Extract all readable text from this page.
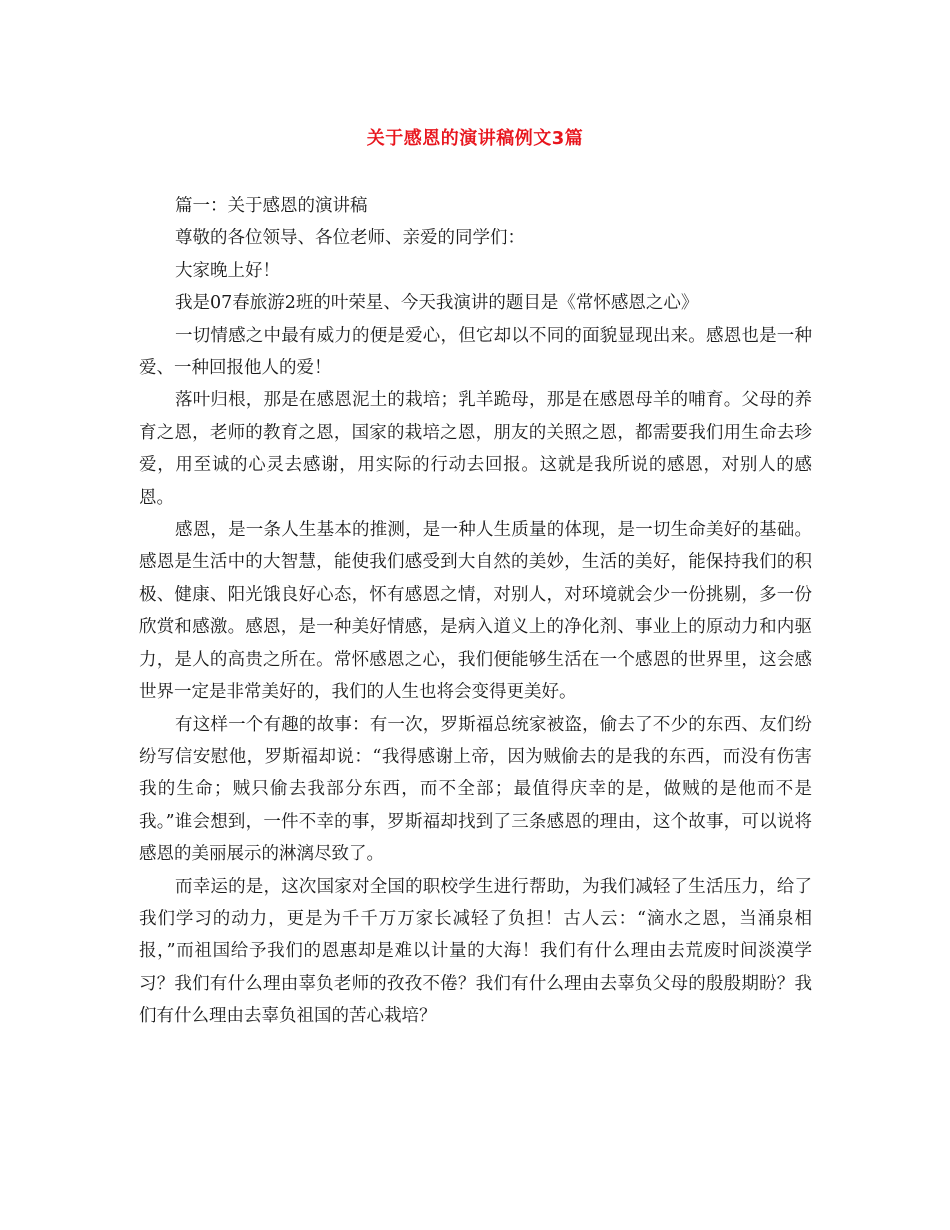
关于感恩的演讲稿例文3篇

篇一：关于感恩的演讲稿

尊敬的各位领导、各位老师、亲爱的同学们：

大家晚上好！

我是07春旅游2班的叶荣星、今天我演讲的题目是《常怀感恩之心》

一切情感之中最有威力的便是爱心，但它却以不同的面貌显现出来。感恩也是一种爱、一种回报他人的爱！

落叶归根，那是在感恩泥土的栽培；乳羊跪母，那是在感恩母羊的哺育。父母的养育之恩，老师的教育之恩，国家的栽培之恩，朋友的关照之恩，都需要我们用生命去珍爱，用至诚的心灵去感谢，用实际的行动去回报。这就是我所说的感恩，对别人的感恩。

感恩，是一条人生基本的推测，是一种人生质量的体现，是一切生命美好的基础。感恩是生活中的大智慧，能使我们感受到大自然的美妙，生活的美好，能保持我们的积极、健康、阳光饿良好心态，怀有感恩之情，对别人，对环境就会少一份挑剔，多一份欣赏和感激。感恩，是一种美好情感，是病入道义上的净化剂、事业上的原动力和内驱力，是人的高贵之所在。常怀感恩之心，我们便能够生活在一个感恩的世界里，这会感世界一定是非常美好的，我们的人生也将会变得更美好。

有这样一个有趣的故事：有一次，罗斯福总统家被盗，偷去了不少的东西、友们纷纷写信安慰他，罗斯福却说：“我得感谢上帝，因为贼偷去的是我的东西，而没有伤害我的生命；贼只偷去我部分东西，而不全部；最值得庆幸的是，做贼的是他而不是我。”谁会想到，一件不幸的事，罗斯福却找到了三条感恩的理由，这个故事，可以说将感恩的美丽展示的淋漓尽致了。

而幸运的是，这次国家对全国的职校学生进行帮助，为我们减轻了生活压力，给了我们学习的动力，更是为千千万万家长减轻了负担！古人云：“滴水之恩，当涌泉相报，”而祖国给予我们的恩惠却是难以计量的大海！我们有什么理由去荒废时间淡漠学习？我们有什么理由辜负老师的孜孜不倦？我们有什么理由去辜负父母的殷殷期盼？我们有什么理由去辜负祖国的苦心栽培？
